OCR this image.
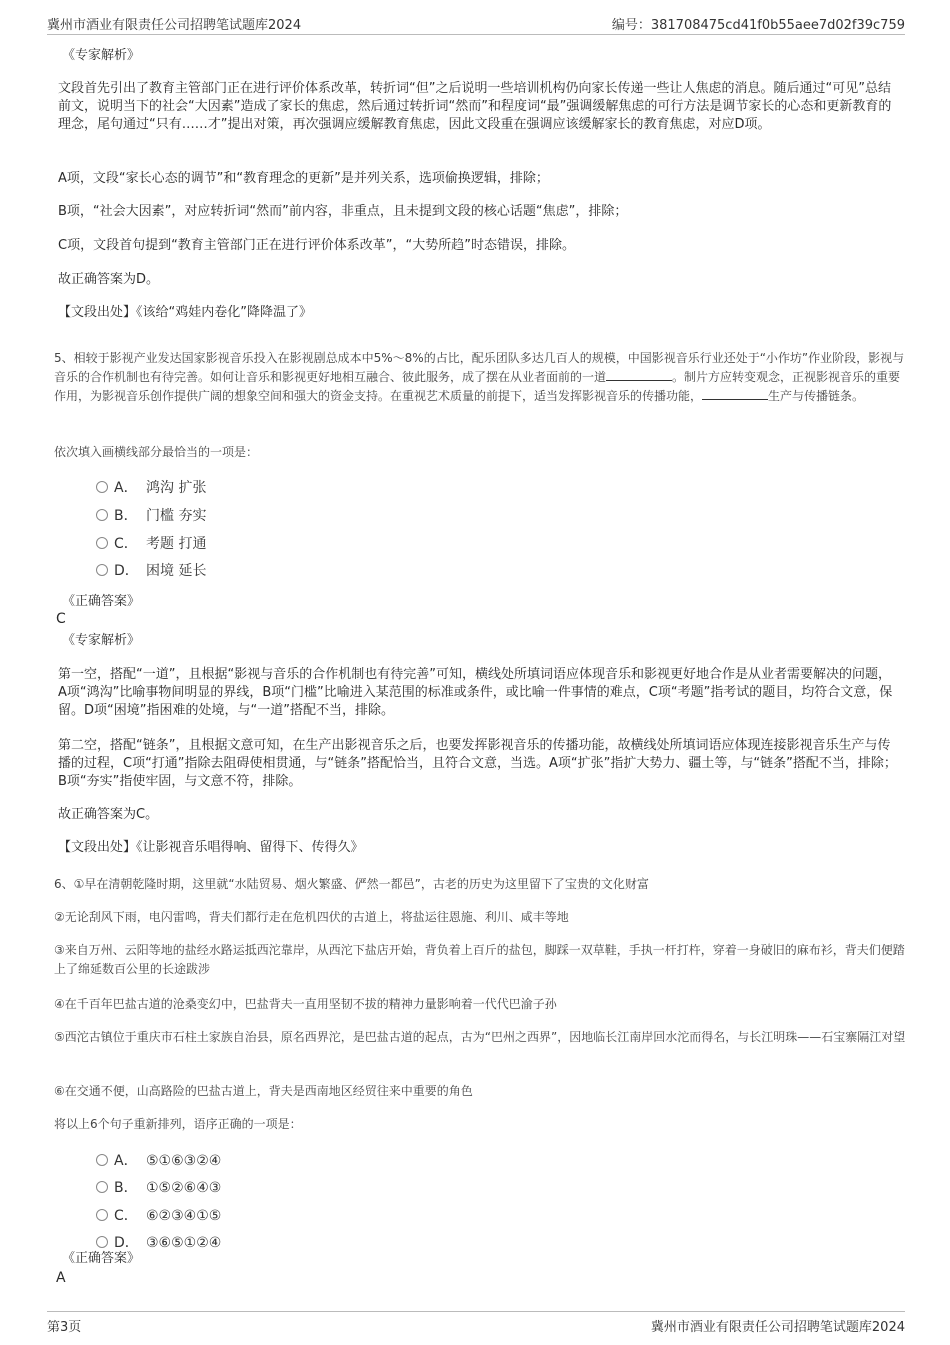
冀州市酒业有限责任公司招聘笔试题库2024	编号：381708475cd41f0b55aee7d02f39c759
《专家解析》
文段首先引出了教育主管部门正在进行评价体系改革，转折词“但”之后说明一些培训机构仍向家长传递一些让人焦虑的消息。随后通过“可见”总结前文，说明当下的社会“大因素”造成了家长的焦虑，然后通过转折词“然而”和程度词“最”强调缓解焦虑的可行方法是调节家长的心态和更新教育的理念，尾句通过“只有……才”提出对策，再次强调应缓解教育焦虑，因此文段重在强调应该缓解家长的教育焦虑，对应D项。
A项，文段“家长心态的调节”和“教育理念的更新”是并列关系，选项偷换逻辑，排除；
B项，“社会大因素”，对应转折词“然而”前内容，非重点，且未提到文段的核心话题“焦虑”，排除；
C项，文段首句提到“教育主管部门正在进行评价体系改革”，“大势所趋”时态错误，排除。
故正确答案为D。
【文段出处】《该给“鸡娃内卷化”降降温了》
5、相较于影视产业发达国家影视音乐投入在影视剧总成本中5%～8%的占比，配乐团队多达几百人的规模，中国影视音乐行业还处于“小作坊”作业阶段，影视与音乐的合作机制也有待完善。如何让音乐和影视更好地相互融合、彼此服务，成了摆在从业者面前的一道	。制片方应转变观念，正视影视音乐的重要作用，为影视音乐创作提供广阔的想象空间和强大的资金支持。在重视艺术质量的前提下，适当发挥影视音乐的传播功能，	生产与传播链条。
依次填入画横线部分最恰当的一项是：
A． 鸿沟 扩张
B． 门槛 夯实
C． 考题 打通
D． 困境 延长
《正确答案》
C
《专家解析》
第一空，搭配“一道”，且根据“影视与音乐的合作机制也有待完善”可知，横线处所填词语应体现音乐和影视更好地合作是从业者需要解决的问题，A项“鸿沟”比喻事物间明显的界线，B项“门槛”比喻进入某范围的标准或条件，或比喻一件事情的难点，C项“考题”指考试的题目，均符合文意，保留。D项“困境”指困难的处境，与“一道”搭配不当，排除。
第二空，搭配“链条”，且根据文意可知，在生产出影视音乐之后，也要发挥影视音乐的传播功能，故横线处所填词语应体现连接影视音乐生产与传播的过程，C项“打通”指除去阻碍使相贯通，与“链条”搭配恰当，且符合文意，当选。A项“扩张”指扩大势力、疆土等，与“链条”搭配不当，排除；B项“夯实”指使牢固，与文意不符，排除。
故正确答案为C。
【文段出处】《让影视音乐唱得响、留得下、传得久》
6、①早在清朝乾隆时期，这里就“水陆贸易、烟火繁盛、俨然一都邑”，古老的历史为这里留下了宝贵的文化财富
②无论刮风下雨，电闪雷鸣，背夫们都行走在危机四伏的古道上，将盐运往恩施、利川、咸丰等地
③来自万州、云阳等地的盐经水路运抵西沱靠岸，从西沱下盐店开始，背负着上百斤的盐包，脚踩一双草鞋，手执一杆打杵，穿着一身破旧的麻布衫，背夫们便踏上了绵延数百公里的长途跋涉
④在千百年巴盐古道的沧桑变幻中，巴盐背夫一直用坚韧不拔的精神力量影响着一代代巴渝子孙
⑤西沱古镇位于重庆市石柱土家族自治县，原名西界沱，是巴盐古道的起点，古为“巴州之西界”，因地临长江南岸回水沱而得名，与长江明珠——石宝寨隔江对望
⑥在交通不便，山高路险的巴盐古道上，背夫是西南地区经贸往来中重要的角色
将以上6个句子重新排列，语序正确的一项是：
A． ⑤①⑥③②④
B． ①⑤②⑥④③
C． ⑥②③④①⑤
D． ③⑥⑤①②④
《正确答案》
A
第3页	冀州市酒业有限责任公司招聘笔试题库2024
